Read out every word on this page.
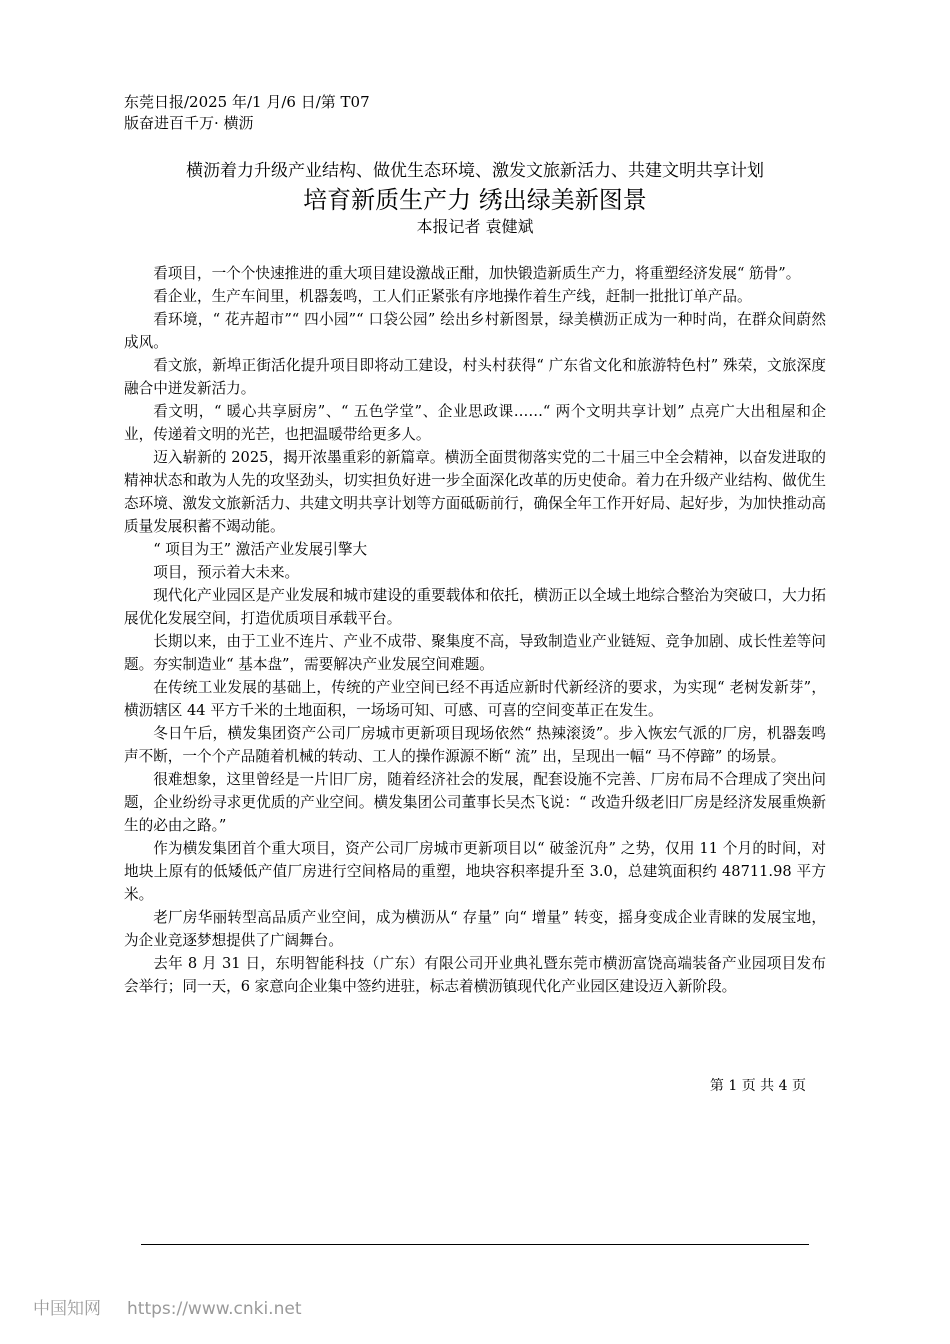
东莞日报/2025 年/1 月/6 日/第 T07
版奋进百千万· 横沥
横沥着力升级产业结构、做优生态环境、激发文旅新活力、共建文明共享计划
培育新质生产力 绣出绿美新图景
本报记者 袁健斌

看项目，一个个快速推进的重大项目建设激战正酣，加快锻造新质生产力，将重塑经济发展“ 筋骨”。

看企业，生产车间里，机器轰鸣，工人们正紧张有序地操作着生产线，赶制一批批订单产品。

看环境，“ 花卉超市”“ 四小园”“ 口袋公园” 绘出乡村新图景，绿美横沥正成为一种时尚，在群众间蔚然成风。

看文旅，新埠正街活化提升项目即将动工建设，村头村获得“ 广东省文化和旅游特色村” 殊荣，文旅深度融合中迸发新活力。

看文明，“ 暖心共享厨房”、“ 五色学堂”、企业思政课……“ 两个文明共享计划” 点亮广大出租屋和企业，传递着文明的光芒，也把温暖带给更多人。

迈入崭新的 2025，揭开浓墨重彩的新篇章。横沥全面贯彻落实党的二十届三中全会精神，以奋发进取的精神状态和敢为人先的攻坚劲头，切实担负好进一步全面深化改革的历史使命。着力在升级产业结构、做优生态环境、激发文旅新活力、共建文明共享计划等方面砥砺前行，确保全年工作开好局、起好步，为加快推动高质量发展积蓄不竭动能。

“ 项目为王” 激活产业发展引擎大

项目，预示着大未来。

现代化产业园区是产业发展和城市建设的重要载体和依托，横沥正以全域土地综合整治为突破口，大力拓展优化发展空间，打造优质项目承载平台。

长期以来，由于工业不连片、产业不成带、聚集度不高，导致制造业产业链短、竞争加剧、成长性差等问题。夯实制造业“ 基本盘”，需要解决产业发展空间难题。

在传统工业发展的基础上，传统的产业空间已经不再适应新时代新经济的要求，为实现“ 老树发新芽”，横沥辖区 44 平方千米的土地面积，一场场可知、可感、可喜的空间变革正在发生。

冬日午后，横发集团资产公司厂房城市更新项目现场依然“ 热辣滚烫”。步入恢宏气派的厂房，机器轰鸣声不断，一个个产品随着机械的转动、工人的操作源源不断“ 流” 出，呈现出一幅“ 马不停蹄” 的场景。

很难想象，这里曾经是一片旧厂房，随着经济社会的发展，配套设施不完善、厂房布局不合理成了突出问题，企业纷纷寻求更优质的产业空间。横发集团公司董事长吴杰飞说：“ 改造升级老旧厂房是经济发展重焕新生的必由之路。”

作为横发集团首个重大项目，资产公司厂房城市更新项目以“ 破釜沉舟” 之势，仅用 11 个月的时间，对地块上原有的低矮低产值厂房进行空间格局的重塑，地块容积率提升至 3.0，总建筑面积约 48711.98 平方米。

老厂房华丽转型高品质产业空间，成为横沥从“ 存量” 向“ 增量” 转变，摇身变成企业青睐的发展宝地，为企业竞逐梦想提供了广阔舞台。

去年 8 月 31 日，东明智能科技（广东）有限公司开业典礼暨东莞市横沥富饶高端装备产业园项目发布会举行；同一天，6 家意向企业集中签约进驻，标志着横沥镇现代化产业园区建设迈入新阶段。

第 1 页 共 4 页
中国知网 https://www.cnki.net
